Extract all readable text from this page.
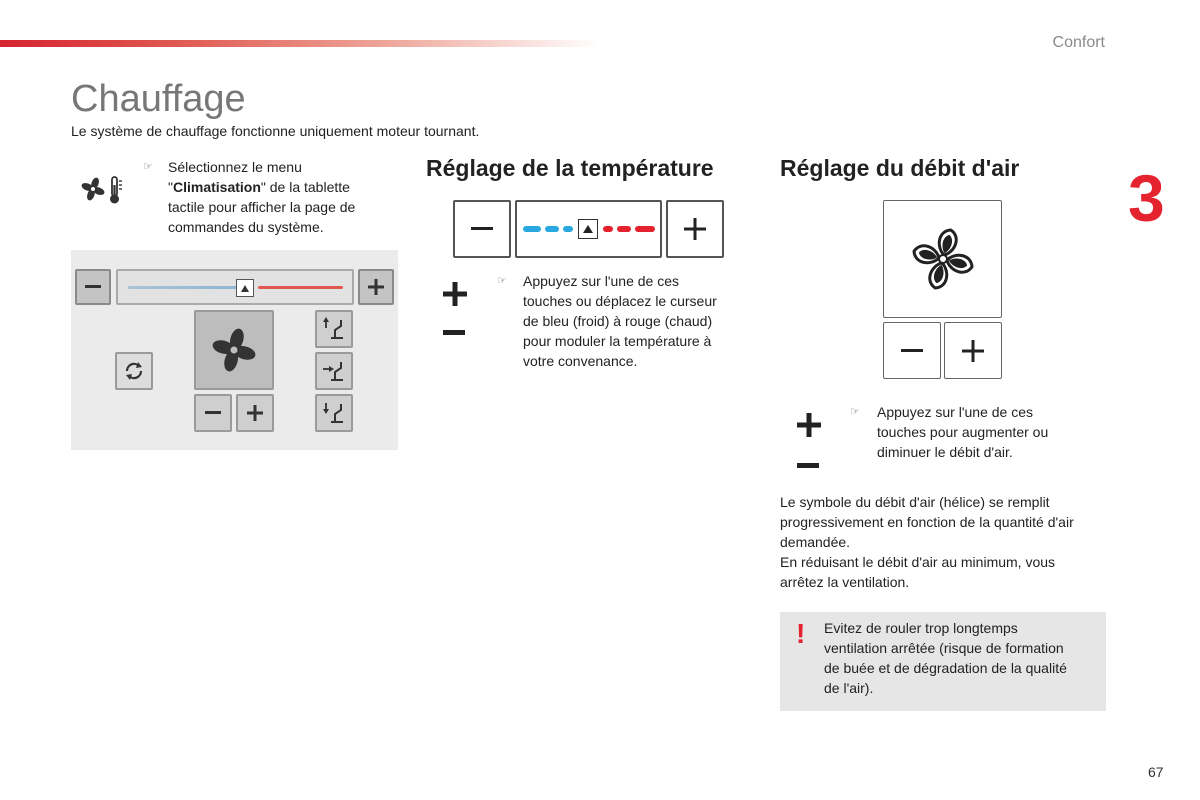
Confort
3
67
Chauffage
Le système de chauffage fonctionne uniquement moteur tournant.
☞ Sélectionnez le menu
"Climatisation" de la tablette
tactile pour afficher la page de
commandes du système.
Réglage de la température
☞ Appuyez sur l'une de ces
touches ou déplacez le curseur
de bleu (froid) à rouge (chaud)
pour moduler la température à
votre convenance.
Réglage du débit d'air
☞ Appuyez sur l'une de ces
touches pour augmenter ou
diminuer le débit d'air.
Le symbole du débit d'air (hélice) se remplit
progressivement en fonction de la quantité d'air
demandée.
En réduisant le débit d'air au minimum, vous
arrêtez la ventilation.
! Evitez de rouler trop longtemps
ventilation arrêtée (risque de formation
de buée et de dégradation de la qualité
de l'air).
